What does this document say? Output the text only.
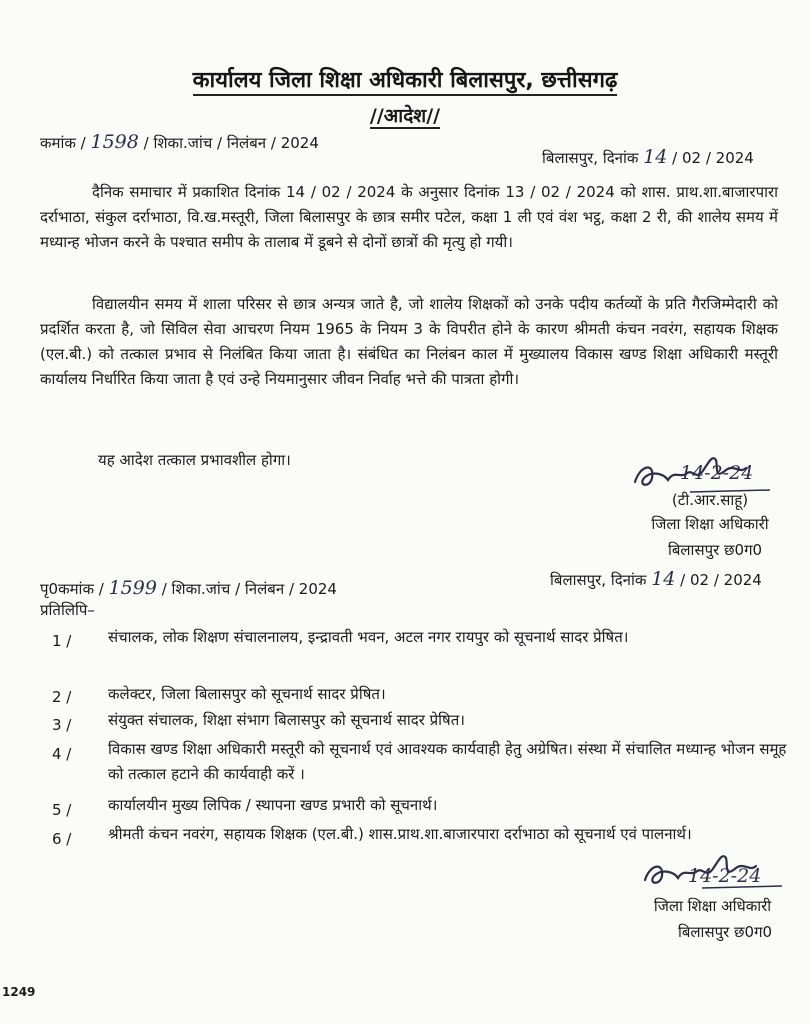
कार्यालय जिला शिक्षा अधिकारी बिलासपुर, छत्तीसगढ़
//आदेश//
कमांक / 1598 / शिका.जांच / निलंबन / 2024
बिलासपुर, दिनांक 14 / 02 / 2024
दैनिक समाचार में प्रकाशित दिनांक 14 / 02 / 2024 के अनुसार दिनांक 13 / 02 / 2024 को शास. प्राथ.शा.बाजारपारा दर्राभाठा, संकुल दर्राभाठा, वि.ख.मस्तूरी, जिला बिलासपुर के छात्र समीर पटेल, कक्षा 1 ली एवं वंश भट्ठ, कक्षा 2 री, की शालेय समय में मध्यान्ह भोजन करने के पश्चात समीप के तालाब में डूबने से दोनों छात्रों की मृत्यु हो गयी।
विद्यालयीन समय में शाला परिसर से छात्र अन्यत्र जाते है, जो शालेय शिक्षकों को उनके पदीय कर्तव्यों के प्रति गैरजिम्मेदारी को प्रदर्शित करता है, जो सिविल सेवा आचरण नियम 1965 के नियम 3 के विपरीत होने के कारण श्रीमती कंचन नवरंग, सहायक शिक्षक (एल.बी.) को तत्काल प्रभाव से निलंबित किया जाता है। संबंधित का निलंबन काल में मुख्यालय विकास खण्ड शिक्षा अधिकारी मस्तूरी कार्यालय निर्धारित किया जाता है एवं उन्हे नियमानुसार जीवन निर्वाह भत्ते की पात्रता होगी।
यह आदेश तत्काल प्रभावशील होगा।
14-2-24
(टी.आर.साहू)
जिला शिक्षा अधिकारी
बिलासपुर छ0ग0
पृ0कमांक / 1599 / शिका.जांच / निलंबन / 2024	बिलासपुर, दिनांक 14 / 02 / 2024
प्रतिलिपि–
1 / संचालक, लोक शिक्षण संचालनालय, इन्द्रावती भवन, अटल नगर रायपुर को सूचनार्थ सादर प्रेषित।
2 / कलेक्टर, जिला बिलासपुर को सूचनार्थ सादर प्रेषित।
3 / संयुक्त संचालक, शिक्षा संभाग बिलासपुर को सूचनार्थ सादर प्रेषित।
4 / विकास खण्ड शिक्षा अधिकारी मस्तूरी को सूचनार्थ एवं आवश्यक कार्यवाही हेतु अग्रेषित। संस्था में संचालित मध्यान्ह भोजन समूह को तत्काल हटाने की कार्यवाही करें ।
5 / कार्यालयीन मुख्य लिपिक / स्थापना खण्ड प्रभारी को सूचनार्थ।
6 / श्रीमती कंचन नवरंग, सहायक शिक्षक (एल.बी.) शास.प्राथ.शा.बाजारपारा दर्राभाठा को सूचनार्थ एवं पालनार्थ।
14-2-24
जिला शिक्षा अधिकारी
बिलासपुर छ0ग0
1249
